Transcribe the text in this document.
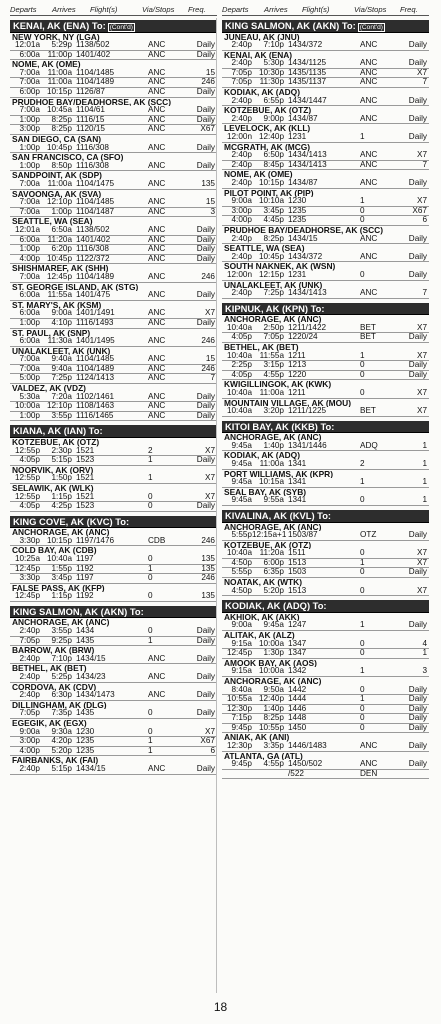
Departs	Arrives	Flight(s)	Via/Stops	Freq.
KENAI, AK (ENA) To: (Cont'd)
NEW YORK, NY (LGA)
12:01a	5:29p 1138/502	ANC	Daily
6:00a 11:00p 1401/402	ANC	Daily
NOME, AK (OME)
7:00a 11:00a 1104/1485	ANC	15
7:00a 11:00a 1104/1489	ANC	246
6:00p 10:15p 1126/87	ANC	Daily
PRUDHOE BAY/DEADHORSE, AK (SCC)
7:00a 10:45a 1104/61	ANC	Daily
1:00p	8:25p 1116/15	ANC	Daily
3:00p	8:25p 1120/15	ANC	X67
SAN DIEGO, CA (SAN)
1:00p 10:45p 1116/308	ANC	Daily
SAN FRANCISCO, CA (SFO)
1:00p	8:50p 1116/308	ANC	Daily
SANDPOINT, AK (SDP)
7:00a 11:00a 1104/1475	ANC	135
SAVOONGA, AK (SVA)
7:00a 12:10p 1104/1485	ANC	15
7:00a	1:00p 1104/1487	ANC	3
SEATTLE, WA (SEA)
12:01a	6:50a 1138/502	ANC	Daily
6:00a 11:20a 1401/402	ANC	Daily
1:00p	6:20p 1116/308	ANC	Daily
4:00p 10:45p 1122/372	ANC	Daily
SHISHMAREF, AK (SHH)
7:00a 12:45p 1104/1489	ANC	246
ST. GEORGE ISLAND, AK (STG)
6:00a 11:55a 1401/475	ANC	Daily
ST. MARY'S, AK (KSM)
6:00a	9:00a 1401/1491	ANC	X7
1:00p	4:10p 1116/1493	ANC	Daily
ST. PAUL, AK (SNP)
6:00a 11:30a 1401/1495	ANC	246
UNALAKLEET, AK (UNK)
7:00a	9:40a 1104/1485	ANC	15
7:00a	9:40a 1104/1489	ANC	246
5:00p	7:25p 1124/1413	ANC	7
VALDEZ, AK (VDZ)
5:30a	7:20a 1102/1461	ANC	Daily
10:00a 12:10p 1108/1463	ANC	Daily
1:00p	3:55p 1116/1465	ANC	Daily
KIANA, AK (IAN) To:
KOTZEBUE, AK (OTZ)
12:55p	2:30p 1521	2	X7
4:05p	5:15p 1523	1	Daily
NOORVIK, AK (ORV)
12:55p	1:50p 1521	1	X7
SELAWIK, AK (WLK)
12:55p	1:15p 1521	0	X7
4:05p	4:25p 1523	0	Daily
KING COVE, AK (KVC) To:
ANCHORAGE, AK (ANC)
3:30p 10:15p 1197/1476	CDB	246
COLD BAY, AK (CDB)
10:25a 10:40a 1197	0	135
12:45p	1:55p 1192	1	135
3:30p	3:45p 1197	0	246
FALSE PASS, AK (KFP)
12:45p	1:15p 1192	0	135
KING SALMON, AK (AKN) To:
ANCHORAGE, AK (ANC)
2:40p	3:55p 1434	0	Daily
7:05p	9:25p 1435	1	Daily
BARROW, AK (BRW)
2:40p	7:10p 1434/15	ANC	Daily
BETHEL, AK (BET)
2:40p	5:25p 1434/23	ANC	Daily
CORDOVA, AK (CDV)
2:40p	6:30p 1434/1473	ANC	Daily
DILLINGHAM, AK (DLG)
7:05p	7:35p 1435	0	Daily
EGEGIK, AK (EGX)
9:00a	9:30a 1230	0	X7
3:00p	4:20p 1235	1	X67
4:00p	5:20p 1235	1	6
FAIRBANKS, AK (FAI)
2:40p	5:15p 1434/15	ANC	Daily
Departs	Arrives	Flight(s)	Via/Stops	Freq.
KING SALMON, AK (AKN) To: (Cont'd)
JUNEAU, AK (JNU)
2:40p	7:10p 1434/372	ANC	Daily
KENAI, AK (ENA)
2:40p	5:30p 1434/1125	ANC	Daily
7:05p 10:30p 1435/1135	ANC	X7
7:05p 11:30p 1435/1137	ANC	7
KODIAK, AK (ADQ)
2:40p	6:55p 1434/1447	ANC	Daily
KOTZEBUE, AK (OTZ)
2:40p	9:00p 1434/87	ANC	Daily
LEVELOCK, AK (KLL)
12:00n 12:40p 1231	1	Daily
MCGRATH, AK (MCG)
2:40p	6:50p 1434/1413	ANC	X7
2:40p	8:45p 1434/1413	ANC	7
NOME, AK (OME)
2:40p 10:15p 1434/87	ANC	Daily
PILOT POINT, AK (PIP)
9:00a 10:10a 1230	1	X7
3:00p	3:45p 1235	0	X67
4:00p	4:45p 1235	0	6
PRUDHOE BAY/DEADHORSE, AK (SCC)
2:40p	8:25p 1434/15	ANC	Daily
SEATTLE, WA (SEA)
2:40p 10:45p 1434/372	ANC	Daily
SOUTH NAKNEK, AK (WSN)
12:00n 12:15p 1231	0	Daily
UNALAKLEET, AK (UNK)
2:40p	7:25p 1434/1413	ANC	7
KIPNUK, AK (KPN) To:
ANCHORAGE, AK (ANC)
10:40a	2:50p 1211/1422	BET	X7
4:05p	7:05p 1220/24	BET	Daily
BETHEL, AK (BET)
10:40a 11:55a 1211	1	X7
2:25p	3:15p 1213	0	Daily
4:05p	4:55p 1220	0	Daily
KWIGILLINGOK, AK (KWK)
10:40a 11:00a 1211	0	X7
MOUNTAIN VILLAGE, AK (MOU)
10:40a	3:20p 1211/1225	BET	X7
KITOI BAY, AK (KKB) To:
ANCHORAGE, AK (ANC)
9:45a	1:40p 1341/1446	ADQ	1
KODIAK, AK (ADQ)
9:45a 11:00a 1341	2	1
PORT WILLIAMS, AK (KPR)
9:45a 10:15a 1341	1	1
SEAL BAY, AK (SYB)
9:45a	9:55a 1341	0	1
KIVALINA, AK (KVL) To:
ANCHORAGE, AK (ANC)
5:55p 12:15a+1 1503/87	OTZ	Daily
KOTZEBUE, AK (OTZ)
10:40a 11:20a 1511	0	X7
4:50p	6:00p 1513	1	X7
5:55p	6:35p 1503	0	Daily
NOATAK, AK (WTK)
4:50p	5:20p 1513	0	X7
KODIAK, AK (ADQ) To:
AKHIOK, AK (AKK)
9:00a	9:45a 1247	1	Daily
ALITAK, AK (ALZ)
9:15a 10:00a 1347	0	4
12:45p	1:30p 1347	0	1
AMOOK BAY, AK (AOS)
9:15a 10:00a 1342	1	3
ANCHORAGE, AK (ANC)
8:40a	9:50a 1442	0	Daily
10:55a 12:40p 1444	1	Daily
12:30p	1:40p 1446	0	Daily
7:15p	8:25p 1448	0	Daily
9:45p 10:55p 1450	0	Daily
ANIAK, AK (ANI)
12:30p	3:35p 1446/1483	ANC	Daily
ATLANTA, GA (ATL)
9:45p	4:55p 1450/502	ANC	Daily
/522	DEN
18
